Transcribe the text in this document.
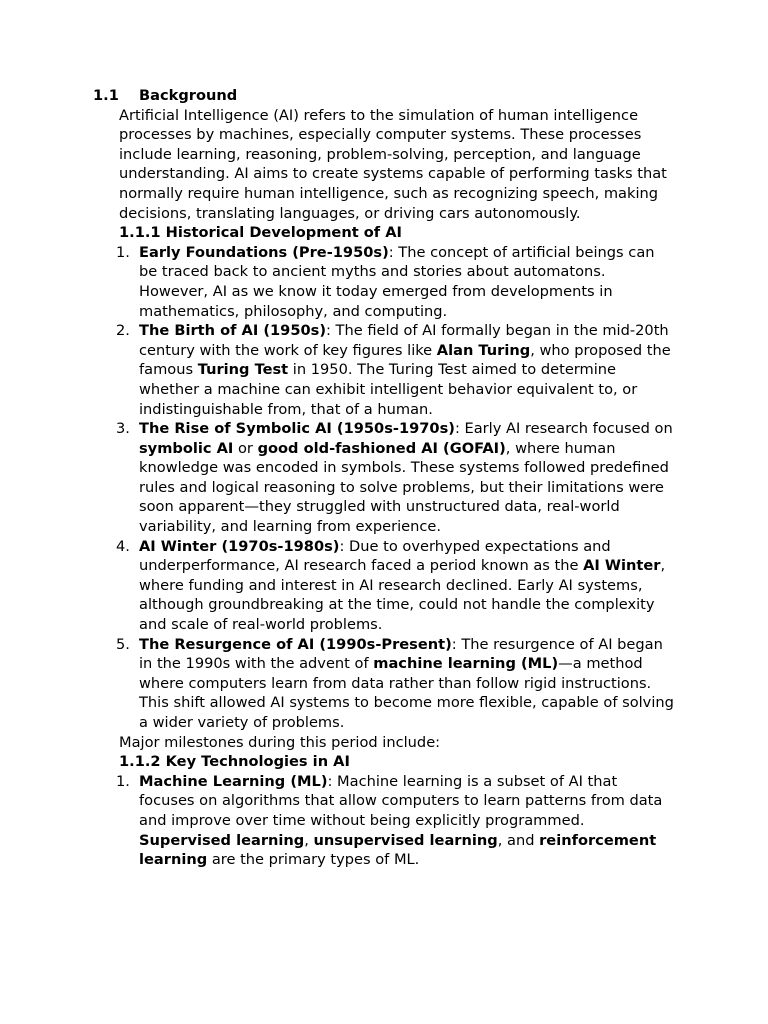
1.1 Background
Artificial Intelligence (AI) refers to the simulation of human intelligence processes by machines, especially computer systems. These processes include learning, reasoning, problem-solving, perception, and language understanding. AI aims to create systems capable of performing tasks that normally require human intelligence, such as recognizing speech, making decisions, translating languages, or driving cars autonomously.
1.1.1 Historical Development of AI
1. Early Foundations (Pre-1950s): The concept of artificial beings can be traced back to ancient myths and stories about automatons. However, AI as we know it today emerged from developments in mathematics, philosophy, and computing.
2. The Birth of AI (1950s): The field of AI formally began in the mid-20th century with the work of key figures like Alan Turing, who proposed the famous Turing Test in 1950. The Turing Test aimed to determine whether a machine can exhibit intelligent behavior equivalent to, or indistinguishable from, that of a human.
3. The Rise of Symbolic AI (1950s-1970s): Early AI research focused on symbolic AI or good old-fashioned AI (GOFAI), where human knowledge was encoded in symbols. These systems followed predefined rules and logical reasoning to solve problems, but their limitations were soon apparent—they struggled with unstructured data, real-world variability, and learning from experience.
4. AI Winter (1970s-1980s): Due to overhyped expectations and underperformance, AI research faced a period known as the AI Winter, where funding and interest in AI research declined. Early AI systems, although groundbreaking at the time, could not handle the complexity and scale of real-world problems.
5. The Resurgence of AI (1990s-Present): The resurgence of AI began in the 1990s with the advent of machine learning (ML)—a method where computers learn from data rather than follow rigid instructions. This shift allowed AI systems to become more flexible, capable of solving a wider variety of problems.
Major milestones during this period include:
1.1.2 Key Technologies in AI
1. Machine Learning (ML): Machine learning is a subset of AI that focuses on algorithms that allow computers to learn patterns from data and improve over time without being explicitly programmed. Supervised learning, unsupervised learning, and reinforcement learning are the primary types of ML.
